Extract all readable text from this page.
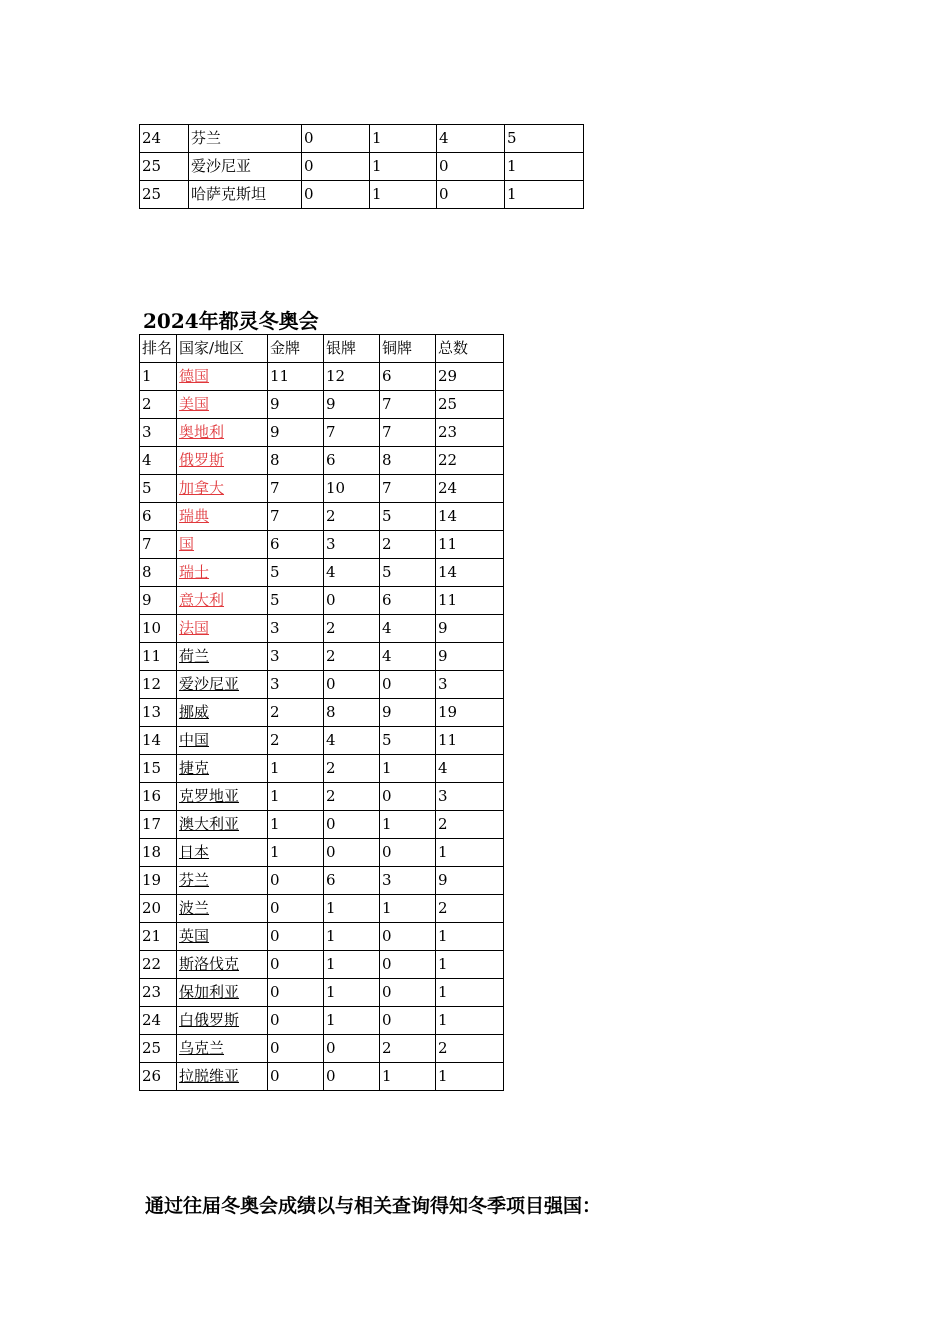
24	芬兰	0	1	4	5
25	爱沙尼亚	0	1	0	1
25	哈萨克斯坦	0	1	0	1
2024年都灵冬奥会
排名	国家/地区	金牌	银牌	铜牌	总数
1	德国	11	12	6	29
2	美国	9	9	7	25
3	奥地利	9	7	7	23
4	俄罗斯	8	6	8	22
5	加拿大	7	10	7	24
6	瑞典	7	2	5	14
7	国	6	3	2	11
8	瑞士	5	4	5	14
9	意大利	5	0	6	11
10	法国	3	2	4	9
11	荷兰	3	2	4	9
12	爱沙尼亚	3	0	0	3
13	挪威	2	8	9	19
14	中国	2	4	5	11
15	捷克	1	2	1	4
16	克罗地亚	1	2	0	3
17	澳大利亚	1	0	1	2
18	日本	1	0	0	1
19	芬兰	0	6	3	9
20	波兰	0	1	1	2
21	英国	0	1	0	1
22	斯洛伐克	0	1	0	1
23	保加利亚	0	1	0	1
24	白俄罗斯	0	1	0	1
25	乌克兰	0	0	2	2
26	拉脱维亚	0	0	1	1
通过往届冬奥会成绩以与相关查询得知冬季项目强国：
